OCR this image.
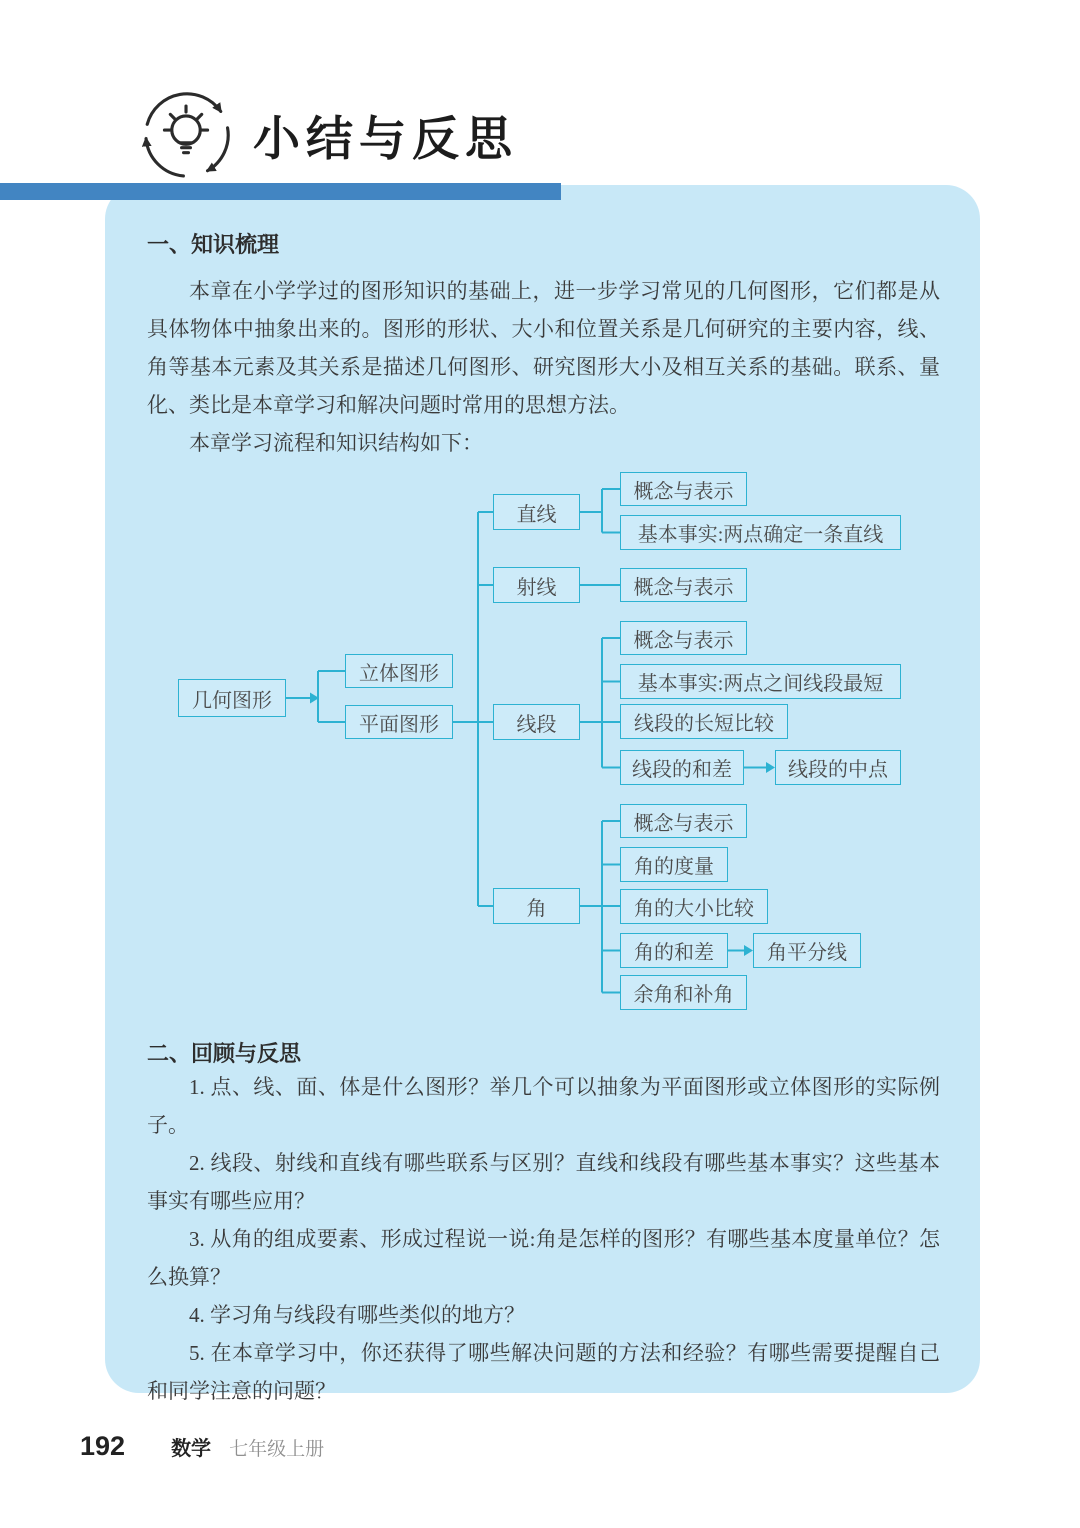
小结与反思
一、知识梳理

本章在小学学过的图形知识的基础上，进一步学习常见的几何图形，它们都是从具体物体中抽象出来的。图形的形状、大小和位置关系是几何研究的主要内容，线、角等基本元素及其关系是描述几何图形、研究图形大小及相互关系的基础。联系、量化、类比是本章学习和解决问题时常用的思想方法。

本章学习流程和知识结构如下：

几何图形
立体图形
平面图形
直线
概念与表示
基本事实:两点确定一条直线
射线	概念与表示
线段
概念与表示
基本事实:两点之间线段最短
线段的长短比较
线段的和差	线段的中点
角
概念与表示
角的度量
角的大小比较
角的和差	角平分线
余角和补角
二、回顾与反思

1. 点、线、面、体是什么图形？举几个可以抽象为平面图形或立体图形的实际例子。

2. 线段、射线和直线有哪些联系与区别？直线和线段有哪些基本事实？这些基本事实有哪些应用？

3. 从角的组成要素、形成过程说一说:角是怎样的图形？有哪些基本度量单位？怎么换算？

4. 学习角与线段有哪些类似的地方？

5. 在本章学习中，你还获得了哪些解决问题的方法和经验？有哪些需要提醒自己和同学注意的问题？

192 数学 七年级上册
